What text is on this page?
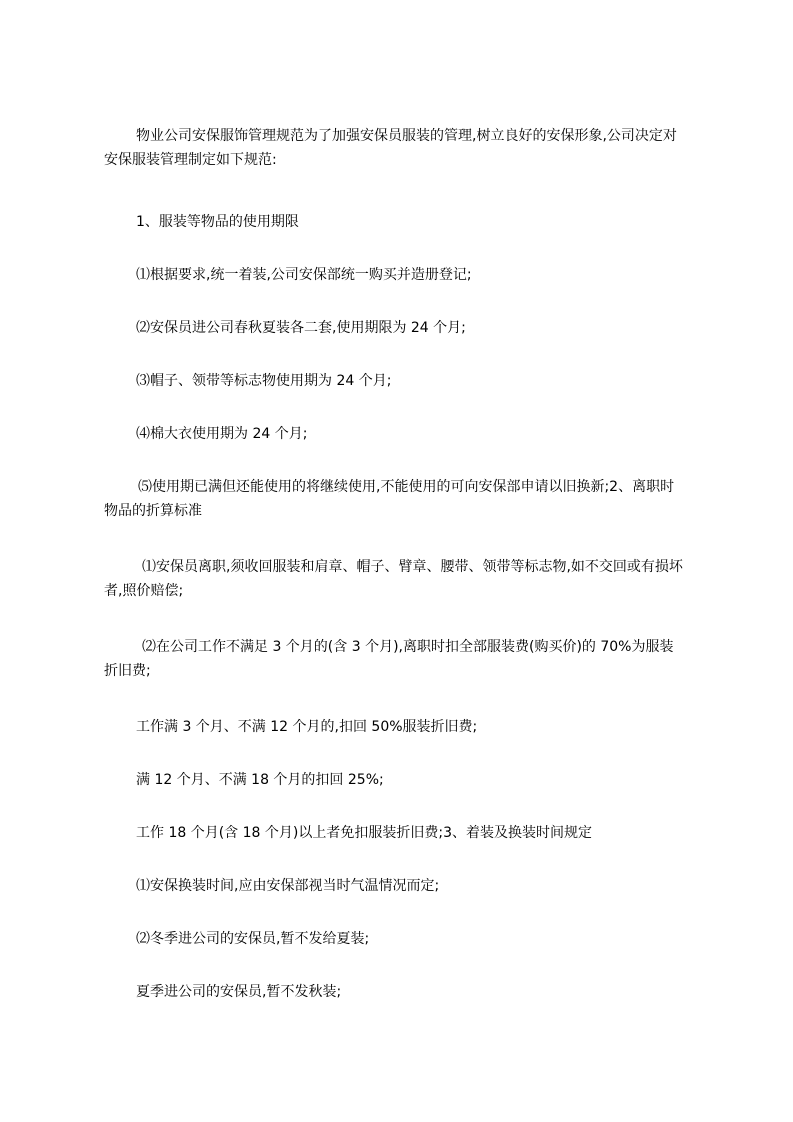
物业公司安保服饰管理规范为了加强安保员服装的管理,树立良好的安保形象,公司决定对安保服装管理制定如下规范:

1、服装等物品的使用期限

⑴根据要求,统一着装,公司安保部统一购买并造册登记;

⑵安保员进公司春秋夏装各二套,使用期限为 24 个月;

⑶帽子、领带等标志物使用期为 24 个月;

⑷棉大衣使用期为 24 个月;

⑸使用期已满但还能使用的将继续使用,不能使用的可向安保部申请以旧换新;2、离职时物品的折算标准

⑴安保员离职,须收回服装和肩章、帽子、臂章、腰带、领带等标志物,如不交回或有损坏者,照价赔偿;

⑵在公司工作不满足 3 个月的(含 3 个月),离职时扣全部服装费(购买价)的 70%为服装折旧费;

工作满 3 个月、不满 12 个月的,扣回 50%服装折旧费;

满 12 个月、不满 18 个月的扣回 25%;

工作 18 个月(含 18 个月)以上者免扣服装折旧费;3、着装及换装时间规定

⑴安保换装时间,应由安保部视当时气温情况而定;

⑵冬季进公司的安保员,暂不发给夏装;

夏季进公司的安保员,暂不发秋装;
